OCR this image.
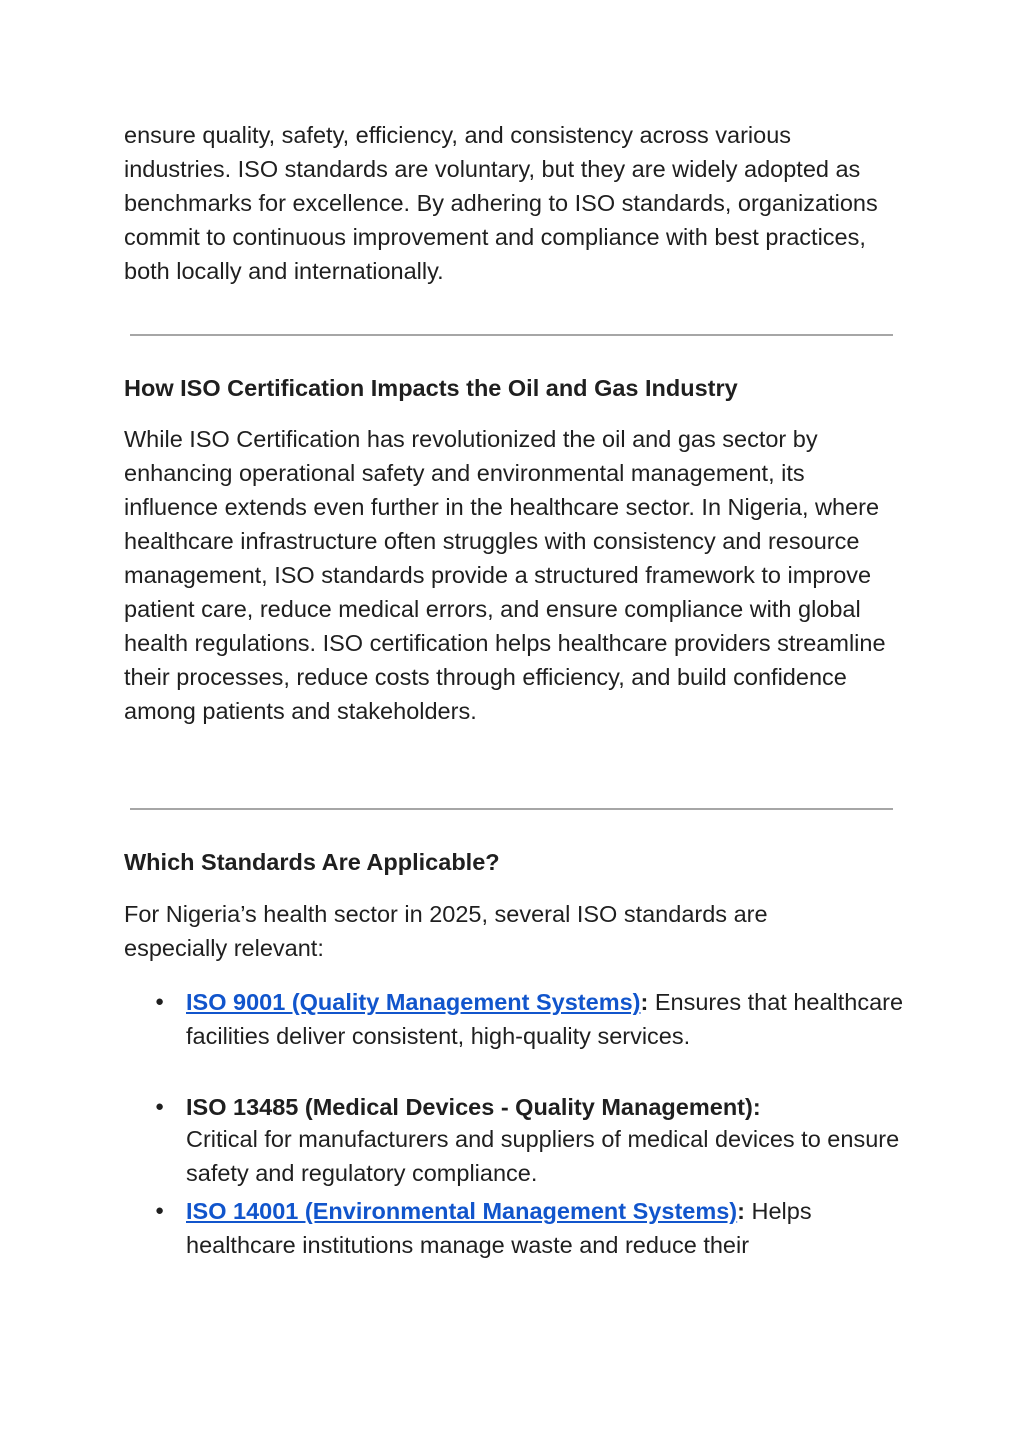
ensure quality, safety, efficiency, and consistency across various industries. ISO standards are voluntary, but they are widely adopted as benchmarks for excellence. By adhering to ISO standards, organizations commit to continuous improvement and compliance with best practices, both locally and internationally.

How ISO Certification Impacts the Oil and Gas Industry

While ISO Certification has revolutionized the oil and gas sector by enhancing operational safety and environmental management, its influence extends even further in the healthcare sector. In Nigeria, where healthcare infrastructure often struggles with consistency and resource management, ISO standards provide a structured framework to improve patient care, reduce medical errors, and ensure compliance with global health regulations. ISO certification helps healthcare providers streamline their processes, reduce costs through efficiency, and build confidence among patients and stakeholders.

Which Standards Are Applicable?

For Nigeria’s health sector in 2025, several ISO standards are especially relevant:

● ISO 9001 (Quality Management Systems): Ensures that healthcare facilities deliver consistent, high-quality services.
● ISO 13485 (Medical Devices - Quality Management):
Critical for manufacturers and suppliers of medical devices to ensure safety and regulatory compliance.
● ISO 14001 (Environmental Management Systems): Helps healthcare institutions manage waste and reduce their
